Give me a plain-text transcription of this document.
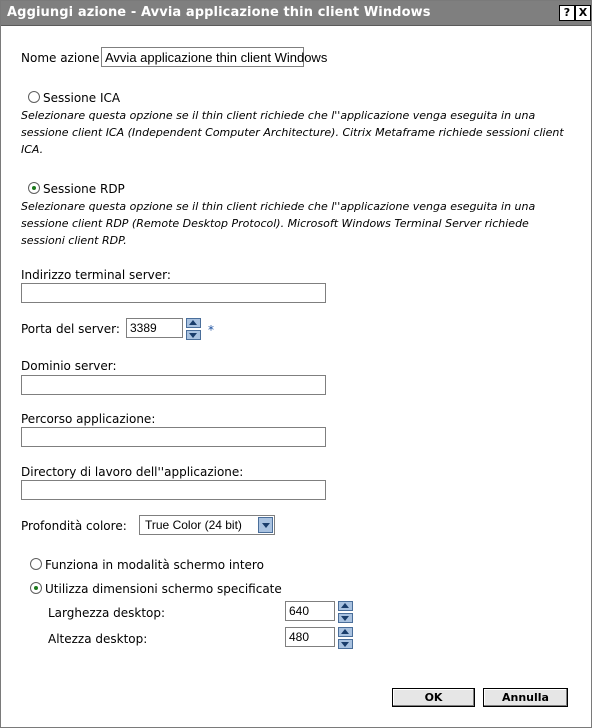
Aggiungi azione - Avvia applicazione thin client Windows	? X
Nome azione Avvia applicazione thin client Windows
Sessione ICA
Selezionare questa opzione se il thin client richiede che l''applicazione venga eseguita in una
sessione client ICA (Independent Computer Architecture). Citrix Metaframe richiede sessioni client
ICA.
Sessione RDP
Selezionare questa opzione se il thin client richiede che l''applicazione venga eseguita in una
sessione client RDP (Remote Desktop Protocol). Microsoft Windows Terminal Server richiede
sessioni client RDP.
Indirizzo terminal server:
Porta del server: 3389	*
Dominio server:
Percorso applicazione:
Directory di lavoro dell''applicazione:
Profondità colore: True Color (24 bit)
Funziona in modalità schermo intero
Utilizza dimensioni schermo specificate
Larghezza desktop:	640
Altezza desktop:	480
OK	Annulla
